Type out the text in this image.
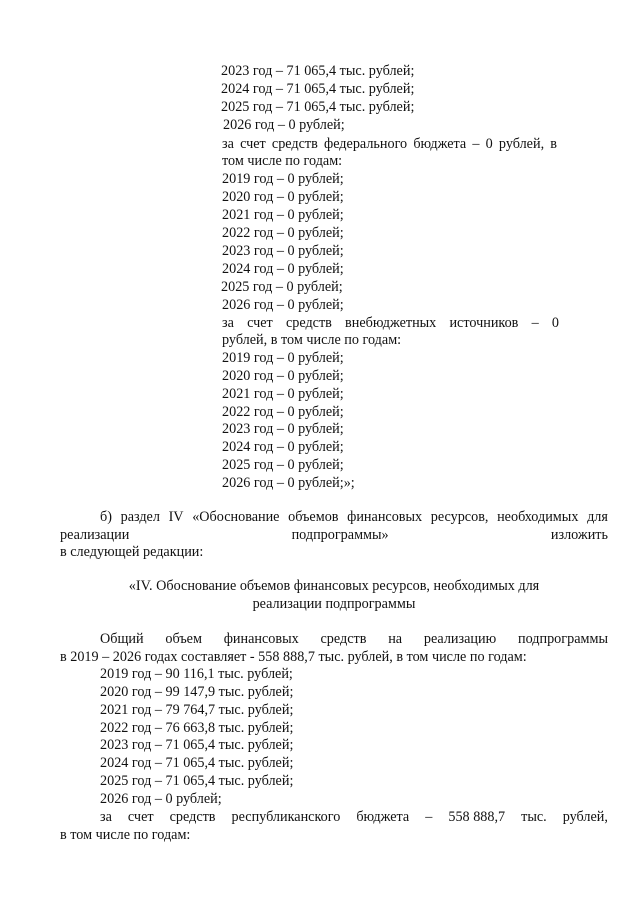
2023 год – 71 065,4 тыс. рублей;
2024 год – 71 065,4 тыс. рублей;
2025 год – 71 065,4 тыс. рублей;
2026 год – 0 рублей;
за счет средств федерального бюджета – 0 рублей, в
том числе по годам:
2019 год – 0 рублей;
2020 год – 0 рублей;
2021 год – 0 рублей;
2022 год – 0 рублей;
2023 год – 0 рублей;
2024 год – 0 рублей;
2025 год – 0 рублей;
2026 год – 0 рублей;
за счет средств внебюджетных источников – 0
рублей, в том числе по годам:
2019 год – 0 рублей;
2020 год – 0 рублей;
2021 год – 0 рублей;
2022 год – 0 рублей;
2023 год – 0 рублей;
2024 год – 0 рублей;
2025 год – 0 рублей;
2026 год – 0 рублей;»;
б) раздел IV «Обоснование объемов финансовых ресурсов, необходимых для
реализации	подпрограммы»	изложить
в следующей редакции:
«IV. Обоснование объемов финансовых ресурсов, необходимых для
реализации подпрограммы
Общий объем финансовых средств на реализацию подпрограммы
в 2019 – 2026 годах составляет - 558 888,7 тыс. рублей, в том числе по годам:
2019 год – 90 116,1 тыс. рублей;
2020 год – 99 147,9 тыс. рублей;
2021 год – 79 764,7 тыс. рублей;
2022 год – 76 663,8 тыс. рублей;
2023 год – 71 065,4 тыс. рублей;
2024 год – 71 065,4 тыс. рублей;
2025 год – 71 065,4 тыс. рублей;
2026 год – 0 рублей;
за счет средств республиканского бюджета – 558 888,7 тыс. рублей,
в том числе по годам:
